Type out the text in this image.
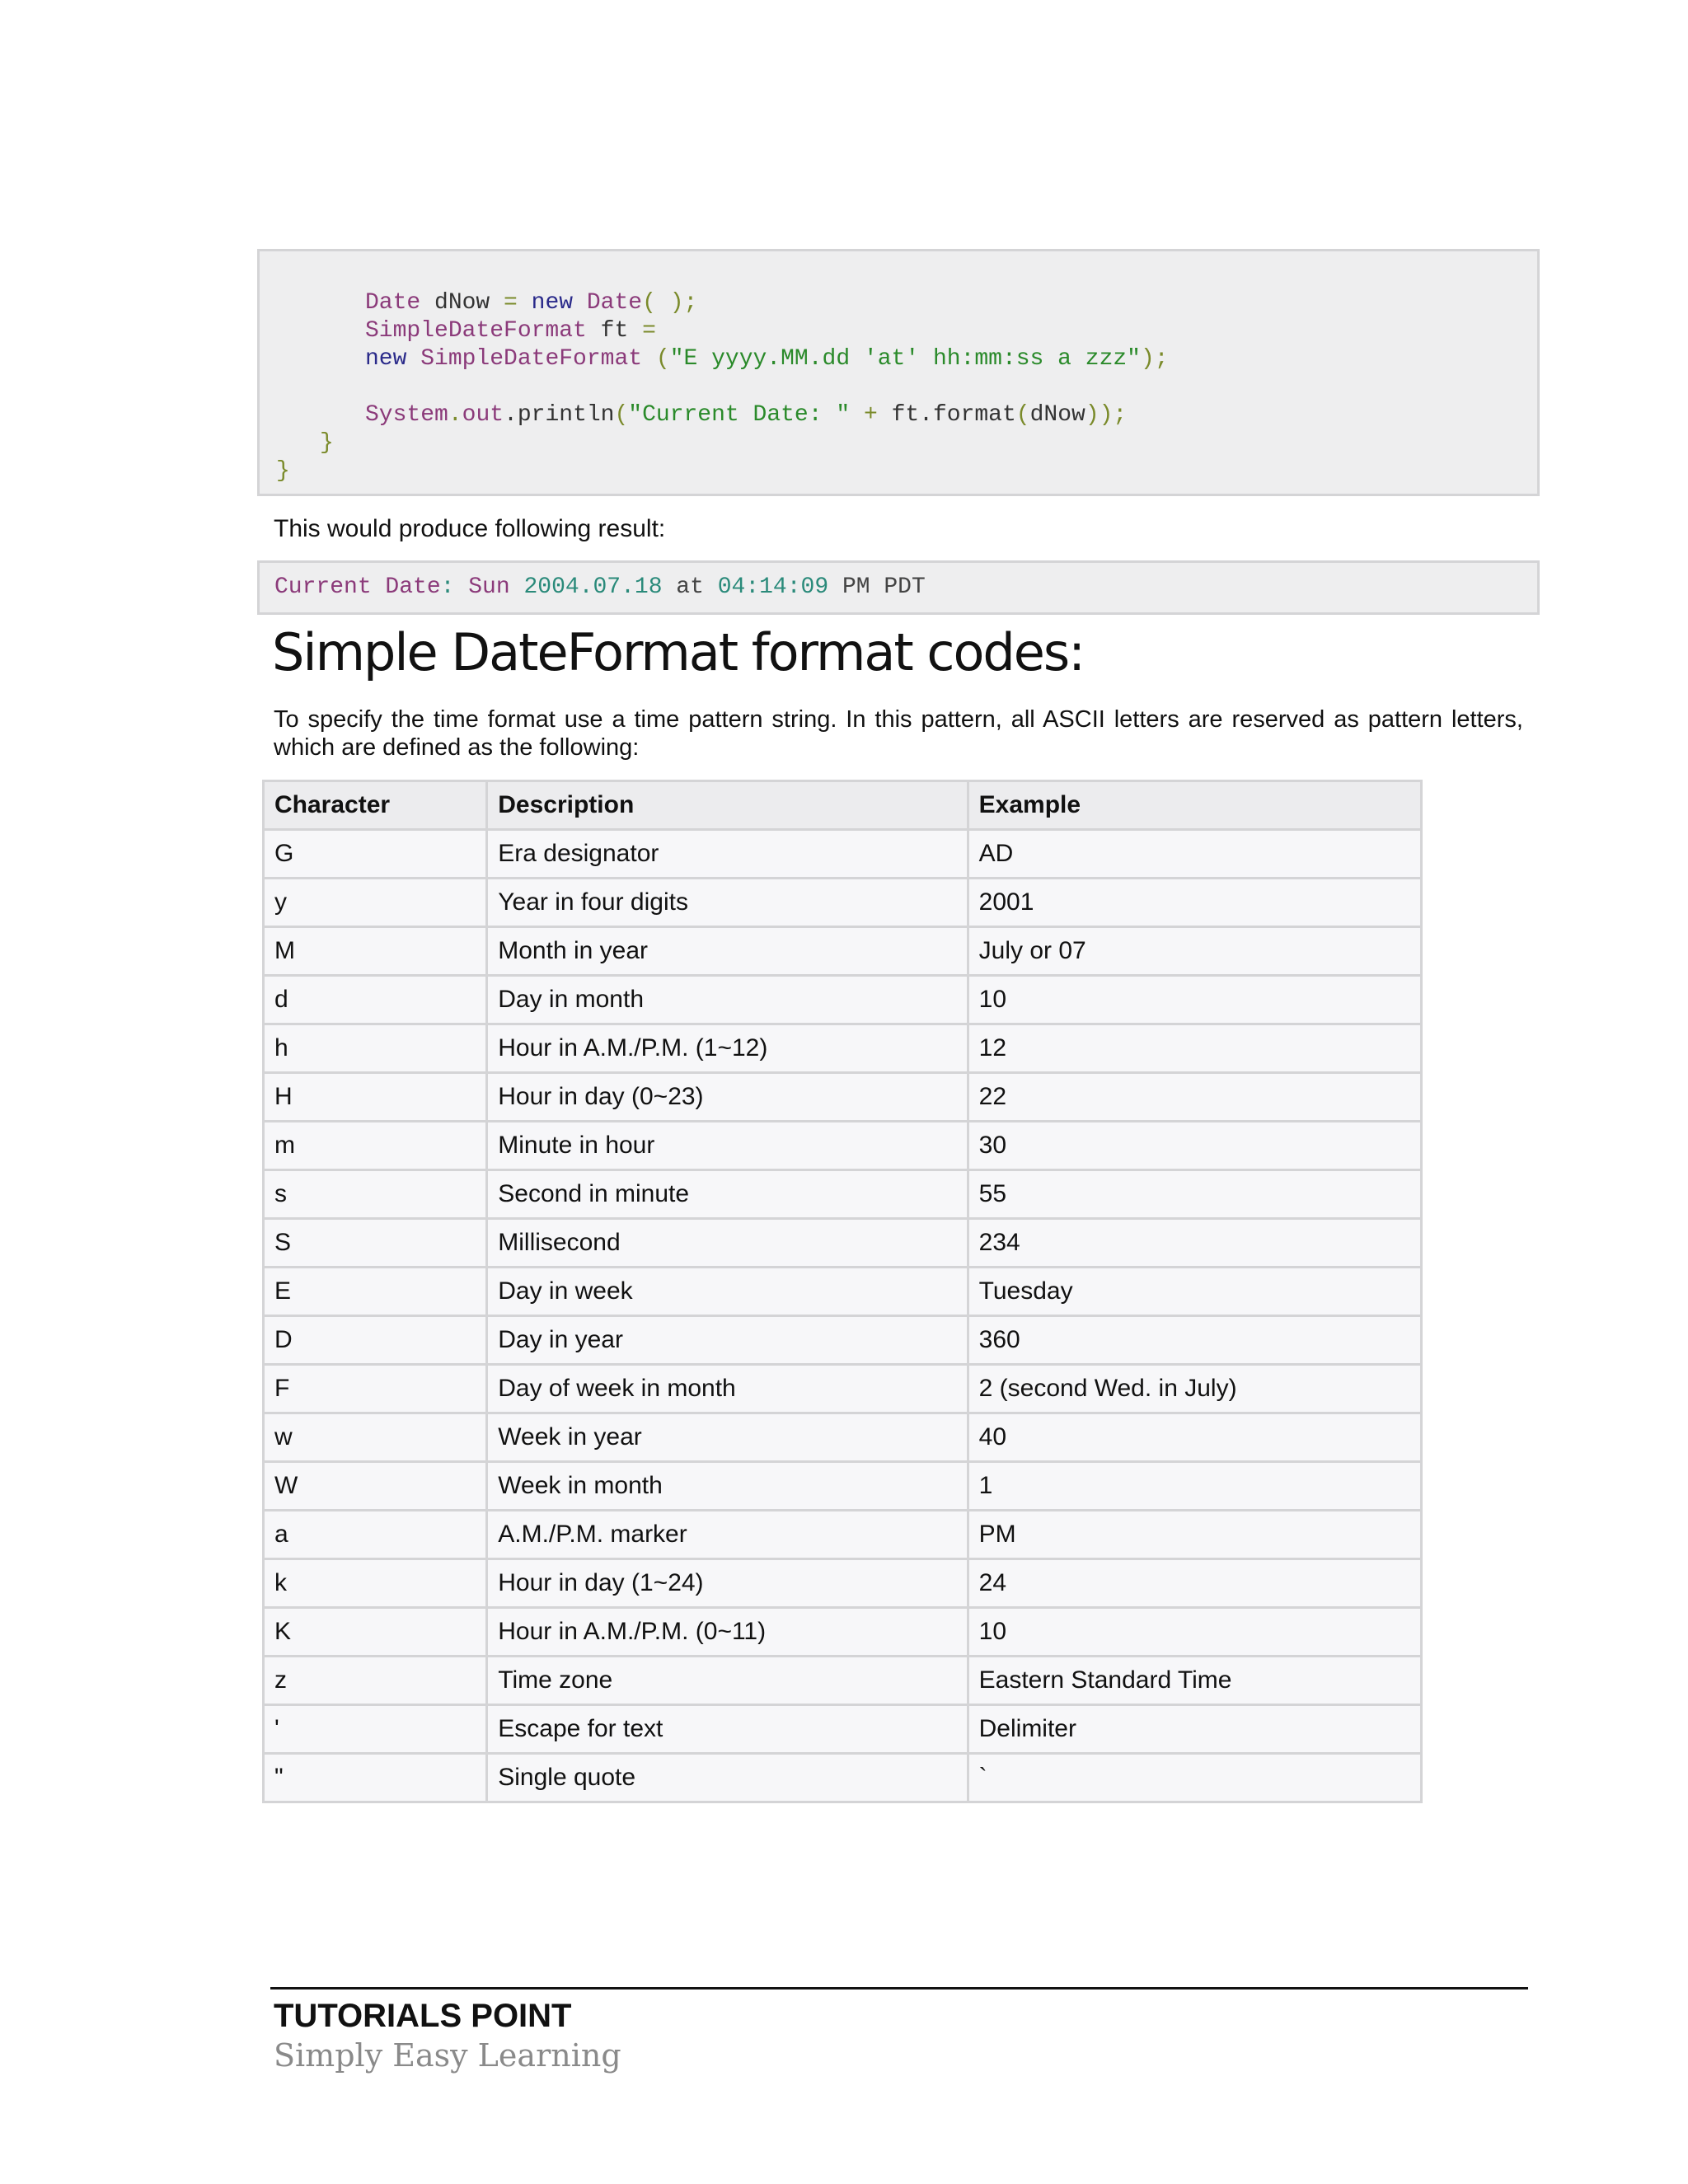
Date dNow = new Date( );
SimpleDateFormat ft =
new SimpleDateFormat ("E yyyy.MM.dd 'at' hh:mm:ss a zzz");
System.out.println("Current Date: " + ft.format(dNow));
}
}
This would produce following result:
Current Date: Sun 2004.07.18 at 04:14:09 PM PDT
Simple DateFormat format codes:
To specify the time format use a time pattern string. In this pattern, all ASCII letters are reserved as pattern letters, which are defined as the following:
Character	Description	Example
G	Era designator	AD
y	Year in four digits	2001
M	Month in year	July or 07
d	Day in month	10
h	Hour in A.M./P.M. (1~12)	12
H	Hour in day (0~23)	22
m	Minute in hour	30
s	Second in minute	55
S	Millisecond	234
E	Day in week	Tuesday
D	Day in year	360
F	Day of week in month	2 (second Wed. in July)
w	Week in year	40
W	Week in month	1
a	A.M./P.M. marker	PM
k	Hour in day (1~24)	24
K	Hour in A.M./P.M. (0~11)	10
z	Time zone	Eastern Standard Time
'	Escape for text	Delimiter
"	Single quote	`
TUTORIALS POINT
Simply Easy Learning
